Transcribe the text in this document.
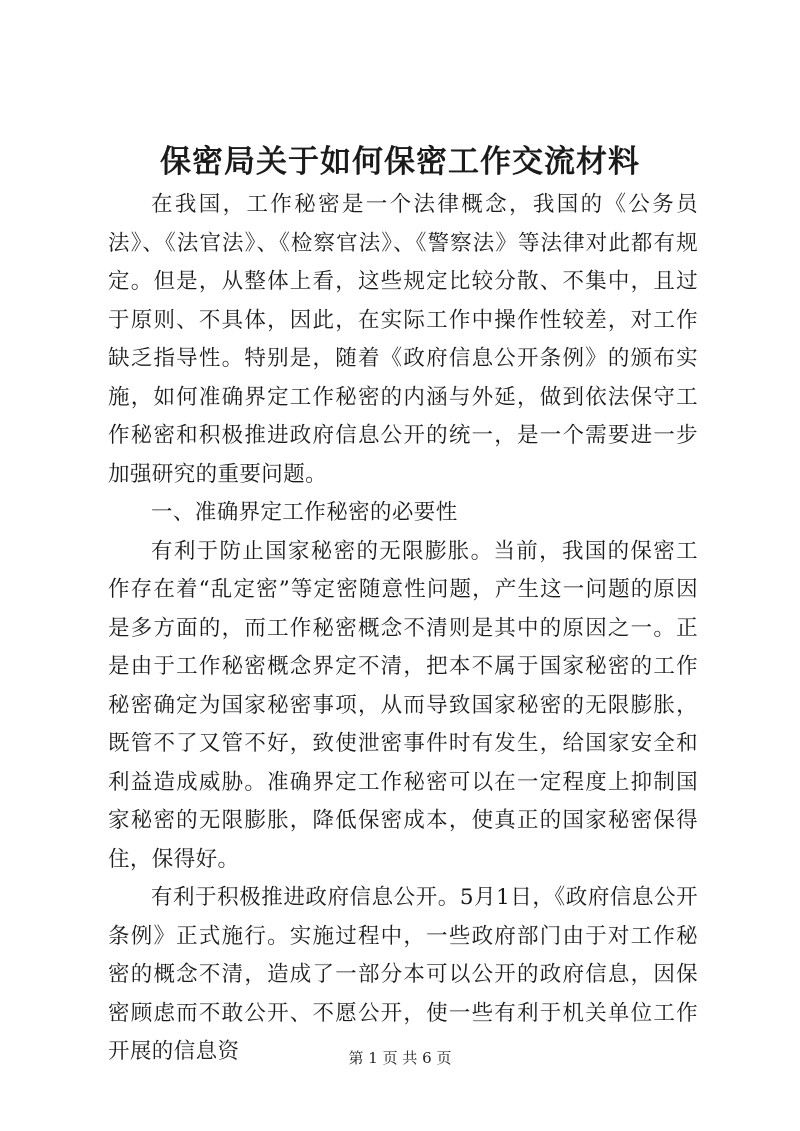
保密局关于如何保密工作交流材料

在我国，工作秘密是一个法律概念，我国的《公务员法》、《法官法》、《检察官法》、《警察法》等法律对此都有规定。但是，从整体上看，这些规定比较分散、不集中，且过于原则、不具体，因此，在实际工作中操作性较差，对工作缺乏指导性。特别是，随着《政府信息公开条例》的颁布实施，如何准确界定工作秘密的内涵与外延，做到依法保守工作秘密和积极推进政府信息公开的统一，是一个需要进一步加强研究的重要问题。

一、准确界定工作秘密的必要性

有利于防止国家秘密的无限膨胀。当前，我国的保密工作存在着“乱定密”等定密随意性问题，产生这一问题的原因是多方面的，而工作秘密概念不清则是其中的原因之一。正是由于工作秘密概念界定不清，把本不属于国家秘密的工作秘密确定为国家秘密事项，从而导致国家秘密的无限膨胀，既管不了又管不好，致使泄密事件时有发生，给国家安全和利益造成威胁。准确界定工作秘密可以在一定程度上抑制国家秘密的无限膨胀，降低保密成本，使真正的国家秘密保得住，保得好。

有利于积极推进政府信息公开。5月1日，《政府信息公开条例》正式施行。实施过程中，一些政府部门由于对工作秘密的概念不清，造成了一部分本可以公开的政府信息，因保密顾虑而不敢公开、不愿公开，使一些有利于机关单位工作开展的信息资	第 1 页 共 6 页
